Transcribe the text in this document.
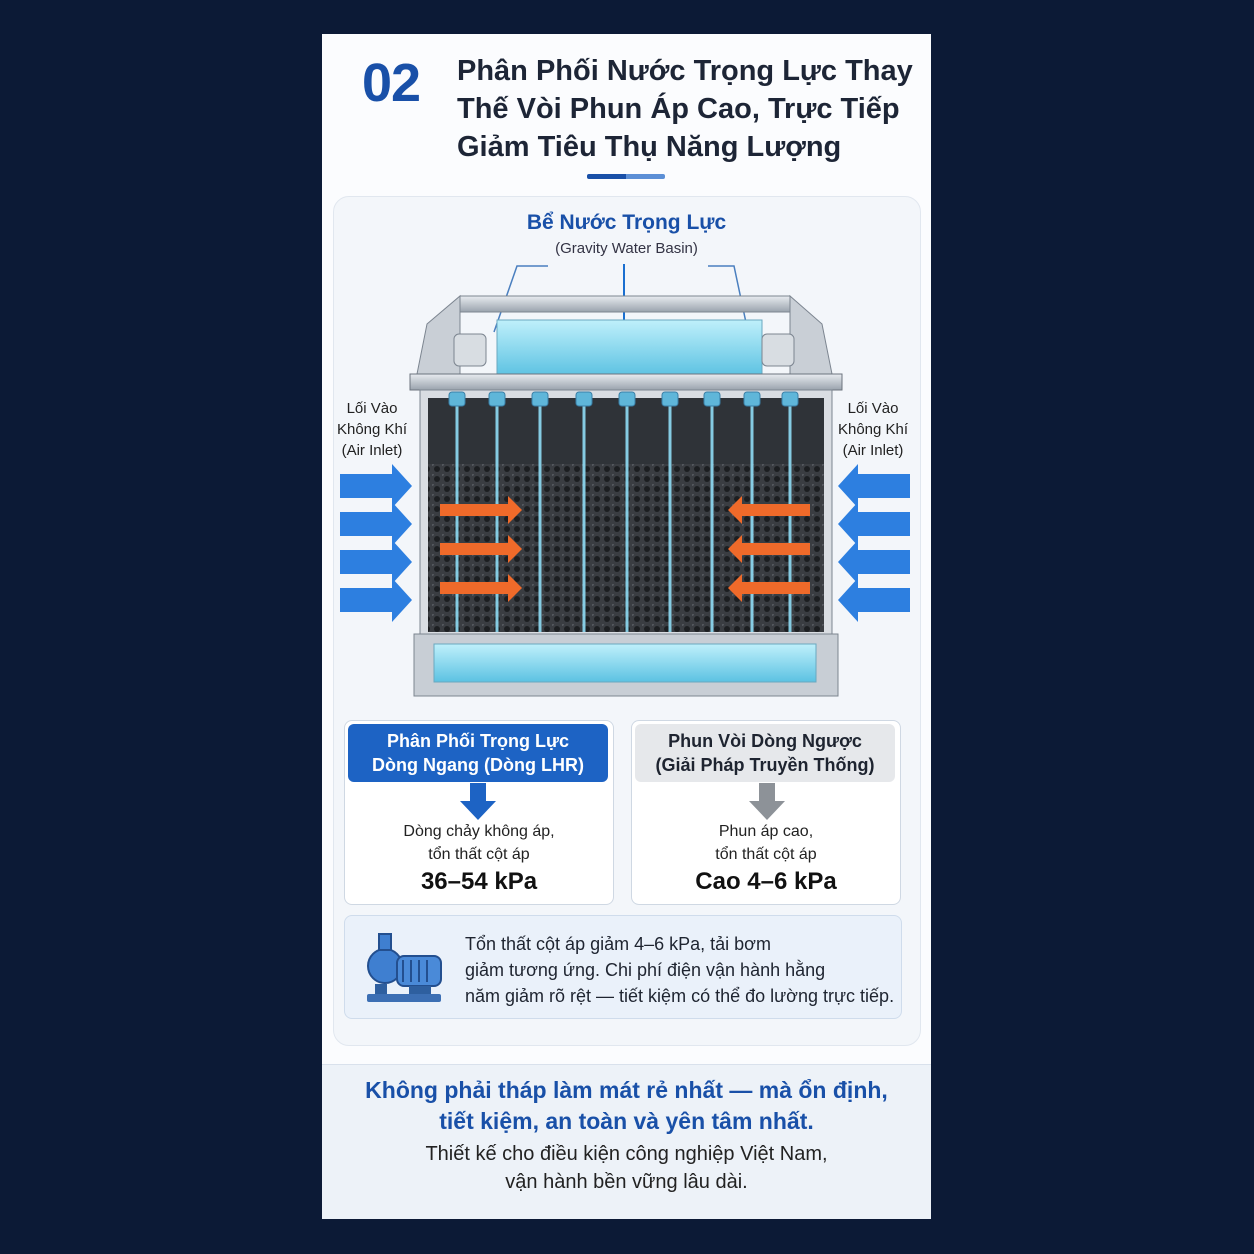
02 Phân Phối Nước Trọng Lực Thay
Thế Vòi Phun Áp Cao, Trực Tiếp
Giảm Tiêu Thụ Năng Lượng
Bể Nước Trọng Lực
(Gravity Water Basin)
Lối Vào
Không Khí
(Air Inlet)
Lối Vào
Không Khí
(Air Inlet)
Phân Phối Trọng Lực
Dòng Ngang (Dòng LHR)
Dòng chảy không áp,
tổn thất cột áp
36–54 kPa
Phun Vòi Dòng Ngược
(Giải Pháp Truyền Thống)
Phun áp cao,
tổn thất cột áp
Cao 4–6 kPa
Tổn thất cột áp giảm 4–6 kPa, tải bơm
giảm tương ứng. Chi phí điện vận hành hằng
năm giảm rõ rệt — tiết kiệm có thể đo lường trực tiếp.
Không phải tháp làm mát rẻ nhất — mà ổn định,
tiết kiệm, an toàn và yên tâm nhất.
Thiết kế cho điều kiện công nghiệp Việt Nam,
vận hành bền vững lâu dài.
